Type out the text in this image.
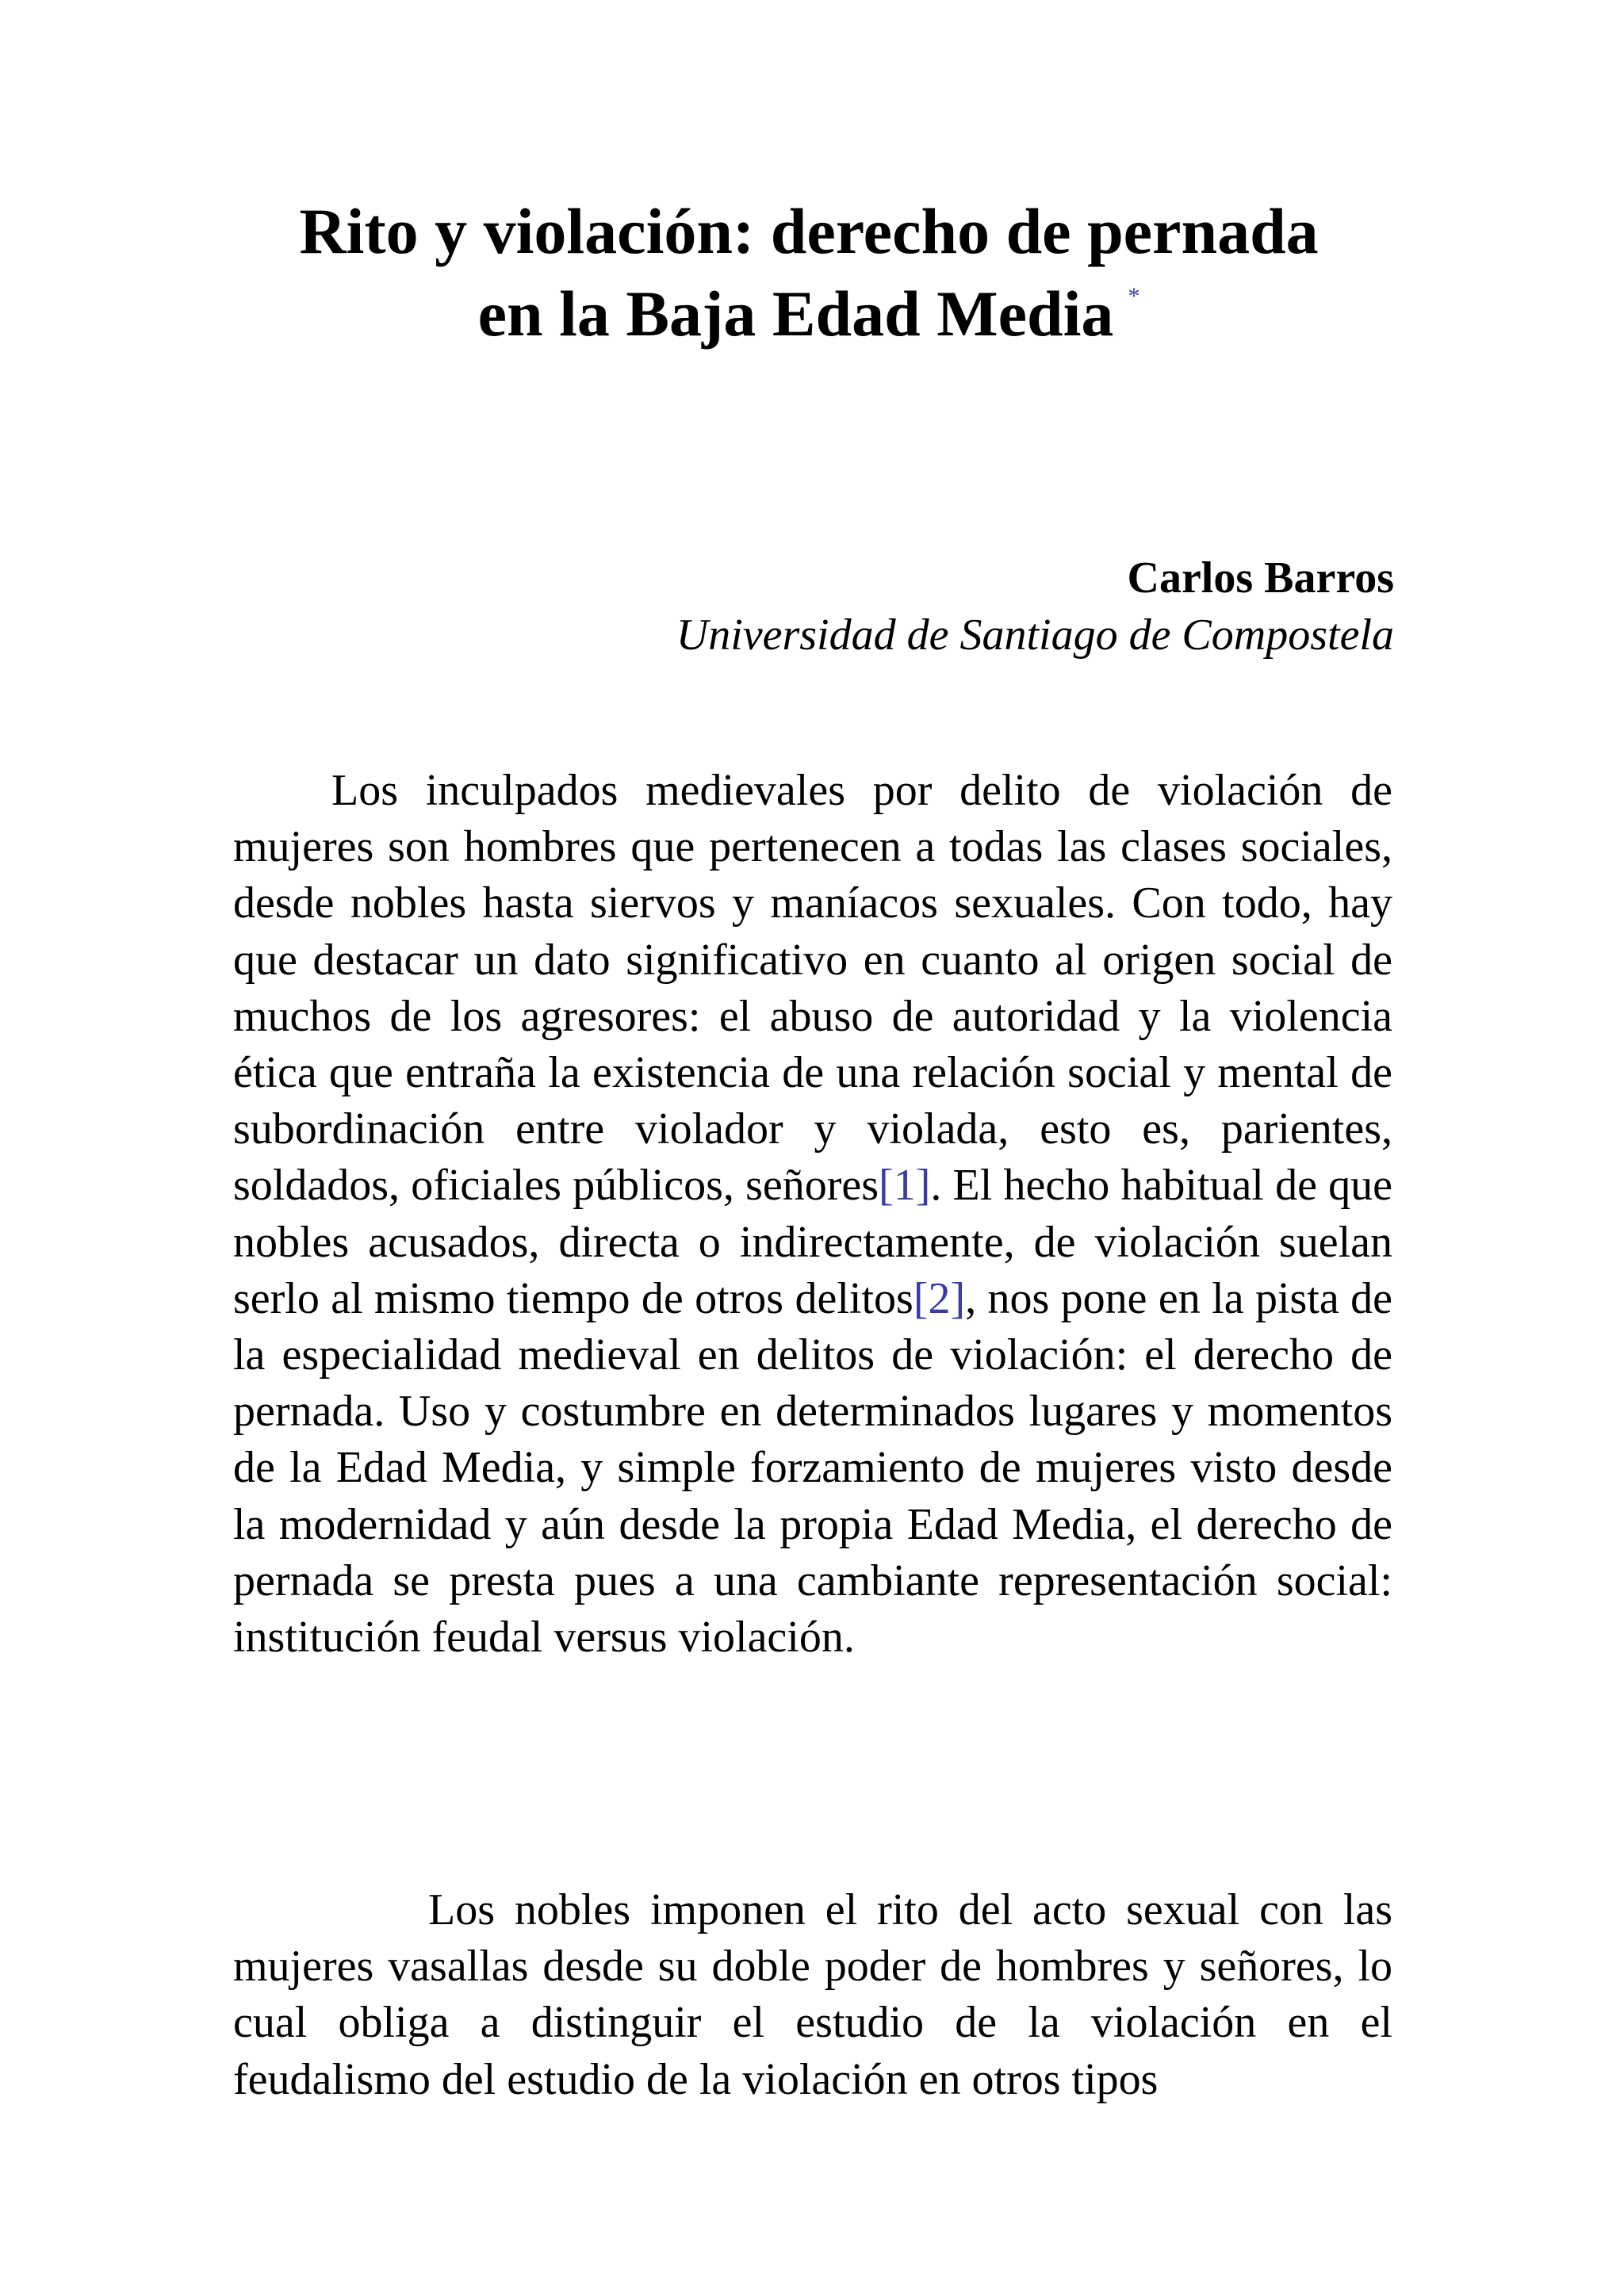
Rito y violación: derecho de pernada
en la Baja Edad Media *
Carlos Barros
Universidad de Santiago de Compostela

Los inculpados medievales por delito de violación de mujeres son hombres que pertenecen a todas las clases sociales, desde nobles hasta siervos y maníacos sexuales. Con todo, hay que destacar un dato significativo en cuanto al origen social de muchos de los agresores: el abuso de autoridad y la violencia ética que entraña la existencia de una relación social y mental de subordinación entre violador y violada, esto es, parientes, soldados, oficiales públicos, señores[1]. El hecho habitual de que nobles acusados, directa o indirectamente, de violación suelan serlo al mismo tiempo de otros delitos[2], nos pone en la pista de la especialidad medieval en delitos de violación: el derecho de pernada. Uso y costumbre en determinados lugares y momentos de la Edad Media, y simple forzamiento de mujeres visto desde la modernidad y aún desde la propia Edad Media, el derecho de pernada se presta pues a una cambiante representación social: institución feudal versus violación.

Los nobles imponen el rito del acto sexual con las mujeres vasallas desde su doble poder de hombres y señores, lo cual obliga a distinguir el estudio de la violación en el feudalismo del estudio de la violación en otros tipos
